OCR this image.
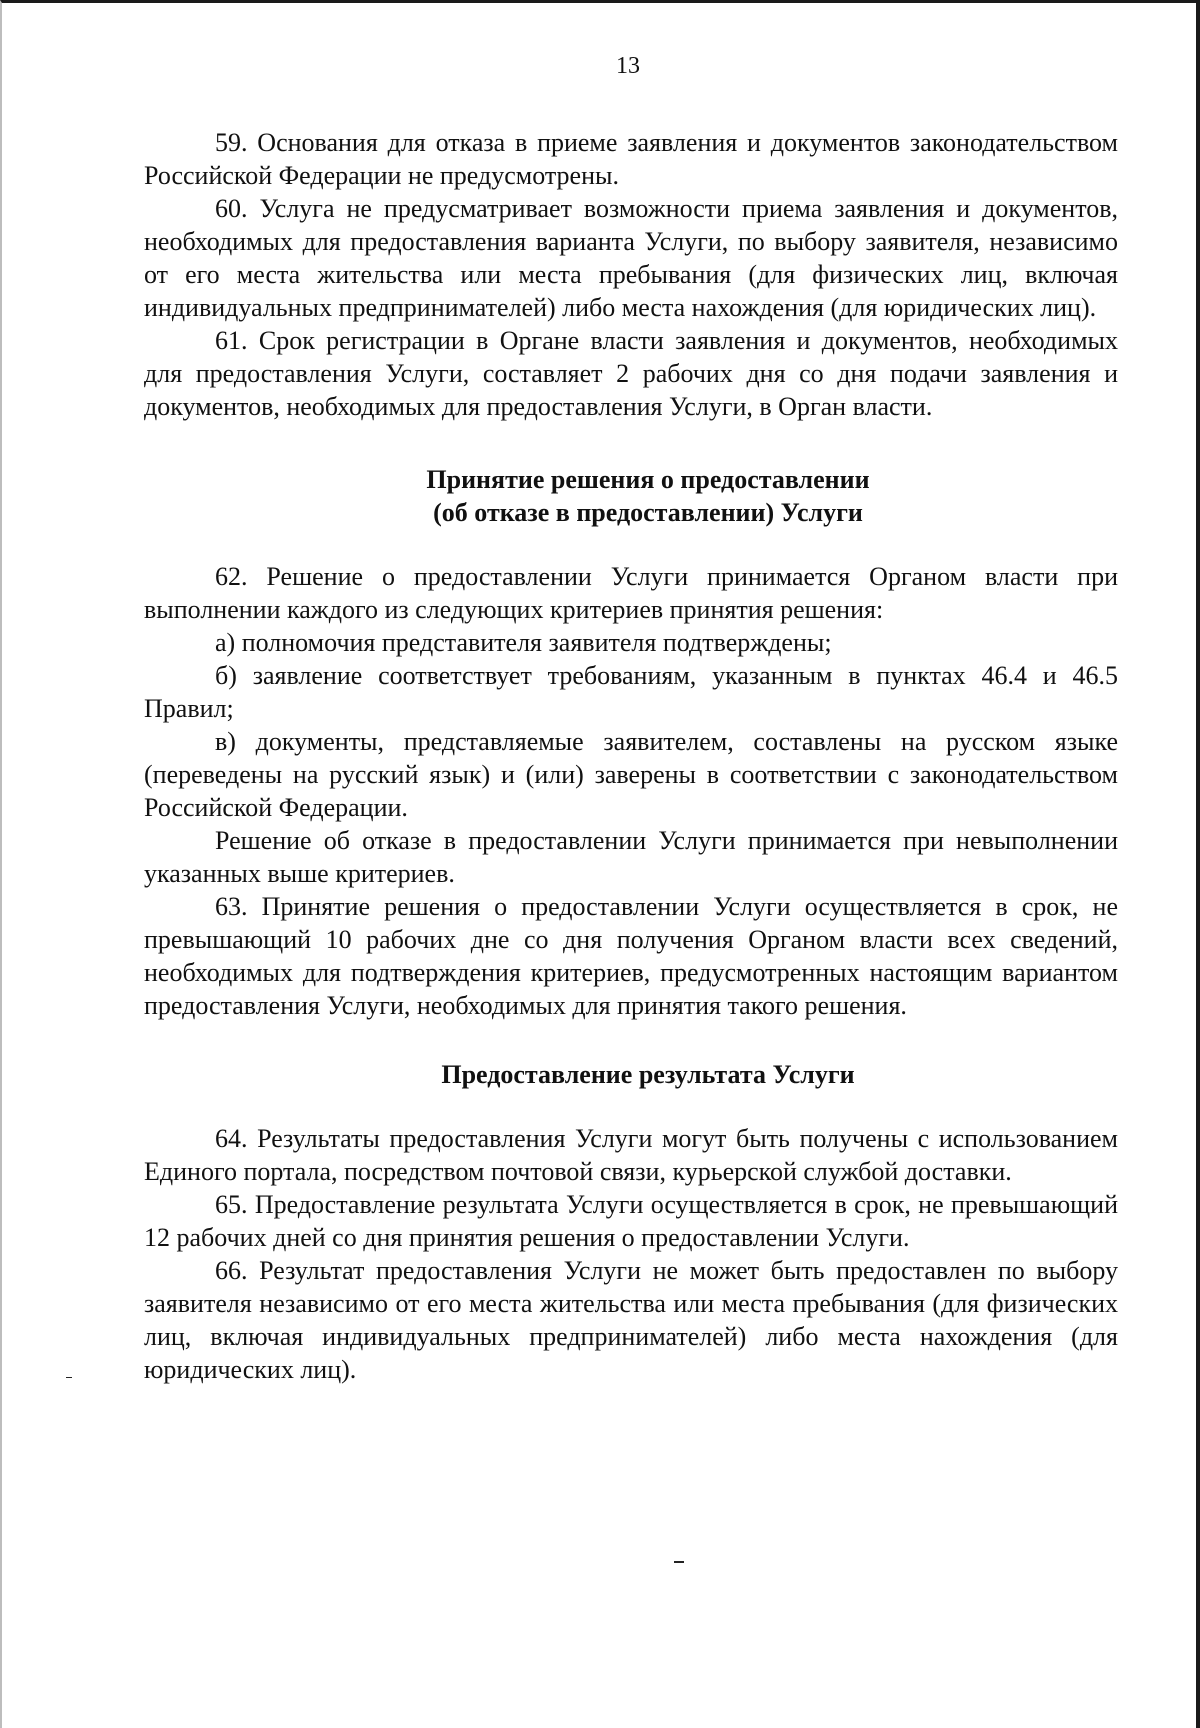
13

59. Основания для отказа в приеме заявления и документов законодательством Российской Федерации не предусмотрены.

60. Услуга не предусматривает возможности приема заявления и документов, необходимых для предоставления варианта Услуги, по выбору заявителя, независимо от его места жительства или места пребывания (для физических лиц, включая индивидуальных предпринимателей) либо места нахождения (для юридических лиц).

61. Срок регистрации в Органе власти заявления и документов, необходимых для предоставления Услуги, составляет 2 рабочих дня со дня подачи заявления и документов, необходимых для предоставления Услуги, в Орган власти.

Принятие решения о предоставлении

(об отказе в предоставлении) Услуги

62. Решение о предоставлении Услуги принимается Органом власти при выполнении каждого из следующих критериев принятия решения:

а) полномочия представителя заявителя подтверждены;

б) заявление соответствует требованиям, указанным в пунктах 46.4 и 46.5 Правил;

в) документы, представляемые заявителем, составлены на русском языке (переведены на русский язык) и (или) заверены в соответствии с законодательством Российской Федерации.

Решение об отказе в предоставлении Услуги принимается при невыполнении указанных выше критериев.

63. Принятие решения о предоставлении Услуги осуществляется в срок, не превышающий 10 рабочих дне со дня получения Органом власти всех сведений, необходимых для подтверждения критериев, предусмотренных настоящим вариантом предоставления Услуги, необходимых для принятия такого решения.

Предоставление результата Услуги

64. Результаты предоставления Услуги могут быть получены с использованием Единого портала, посредством почтовой связи, курьерской службой доставки.

65. Предоставление результата Услуги осуществляется в срок, не превышающий 12 рабочих дней со дня принятия решения о предоставлении Услуги.

66. Результат предоставления Услуги не может быть предоставлен по выбору заявителя независимо от его места жительства или места пребывания (для физических лиц, включая индивидуальных предпринимателей) либо места нахождения (для юридических лиц).
